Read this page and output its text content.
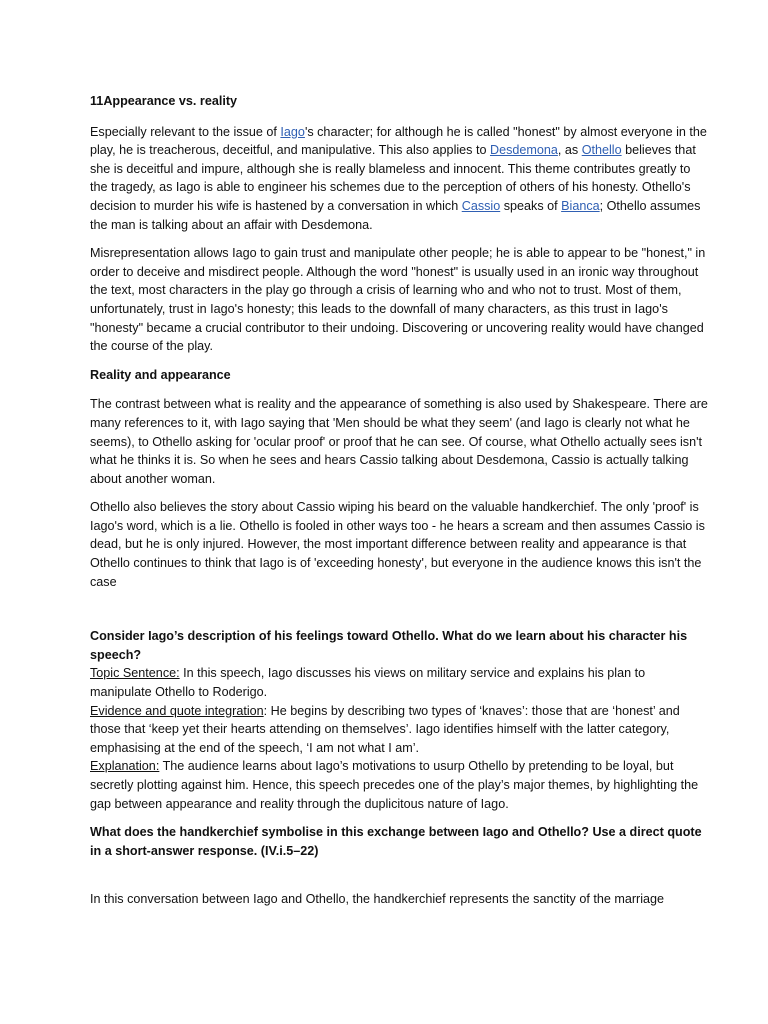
11Appearance vs. reality

Especially relevant to the issue of Iago's character; for although he is called "honest" by almost everyone in the play, he is treacherous, deceitful, and manipulative. This also applies to Desdemona, as Othello believes that she is deceitful and impure, although she is really blameless and innocent. This theme contributes greatly to the tragedy, as Iago is able to engineer his schemes due to the perception of others of his honesty. Othello's decision to murder his wife is hastened by a conversation in which Cassio speaks of Bianca; Othello assumes the man is talking about an affair with Desdemona.

Misrepresentation allows Iago to gain trust and manipulate other people; he is able to appear to be "honest," in order to deceive and misdirect people. Although the word "honest" is usually used in an ironic way throughout the text, most characters in the play go through a crisis of learning who and who not to trust. Most of them, unfortunately, trust in Iago's honesty; this leads to the downfall of many characters, as this trust in Iago's "honesty" became a crucial contributor to their undoing. Discovering or uncovering reality would have changed the course of the play.

Reality and appearance

The contrast between what is reality and the appearance of something is also used by Shakespeare. There are many references to it, with Iago saying that 'Men should be what they seem' (and Iago is clearly not what he seems), to Othello asking for 'ocular proof' or proof that he can see. Of course, what Othello actually sees isn't what he thinks it is. So when he sees and hears Cassio talking about Desdemona, Cassio is actually talking about another woman.

Othello also believes the story about Cassio wiping his beard on the valuable handkerchief. The only 'proof' is Iago's word, which is a lie. Othello is fooled in other ways too - he hears a scream and then assumes Cassio is dead, but he is only injured. However, the most important difference between reality and appearance is that Othello continues to think that Iago is of 'exceeding honesty', but everyone in the audience knows this isn't the case

Consider Iago’s description of his feelings toward Othello. What do we learn about his character his speech?
Topic Sentence: In this speech, Iago discusses his views on military service and explains his plan to manipulate Othello to Roderigo.
Evidence and quote integration: He begins by describing two types of ‘knaves’: those that are ‘honest’ and those that ‘keep yet their hearts attending on themselves’. Iago identifies himself with the latter category, emphasising at the end of the speech, ‘I am not what I am’.
Explanation: The audience learns about Iago’s motivations to usurp Othello by pretending to be loyal, but secretly plotting against him. Hence, this speech precedes one of the play’s major themes, by highlighting the gap between appearance and reality through the duplicitous nature of Iago.

What does the handkerchief symbolise in this exchange between Iago and Othello? Use a direct quote in a short-answer response. (IV.i.5–22)

In this conversation between Iago and Othello, the handkerchief represents the sanctity of the marriage
